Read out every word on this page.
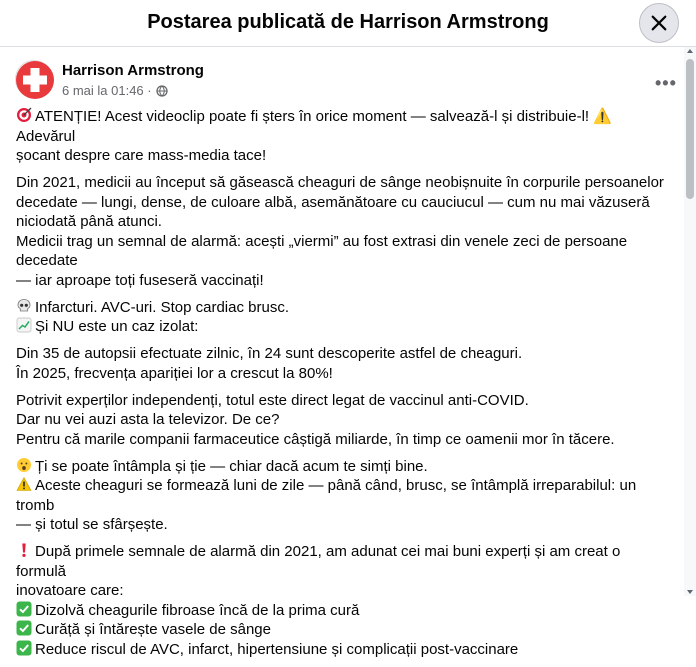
Postarea publicată de Harrison Armstrong
Harrison Armstrong
6 mai la 01:46 ·	•••

ATENȚIE! Acest videoclip poate fi șters în orice moment — salvează-l și distribuie-l! ⚠️ Adevărul
șocant despre care mass-media tace!

Din 2021, medicii au început să găsească cheaguri de sânge neobișnuite în corpurile persoanelor
decedate — lungi, dense, de culoare albă, asemănătoare cu cauciucul — cum nu mai văzuseră
niciodată până atunci.
Medicii trag un semnal de alarmă: acești „viermi” au fost extrasi din venele zeci de persoane decedate
— iar aproape toți fuseseră vaccinați!

Infarcturi. AVC-uri. Stop cardiac brusc.
Și NU este un caz izolat:

Din 35 de autopsii efectuate zilnic, în 24 sunt descoperite astfel de cheaguri.
În 2025, frecvența apariției lor a crescut la 80%!

Potrivit experților independenți, totul este direct legat de vaccinul anti-COVID.
Dar nu vei auzi asta la televizor. De ce?
Pentru că marile companii farmaceutice câștigă miliarde, în timp ce oamenii mor în tăcere.

Ți se poate întâmpla și ție — chiar dacă acum te simți bine.
Aceste cheaguri se formează luni de zile — până când, brusc, se întâmplă irreparabilul: un tromb
— și totul se sfârșește.

După primele semnale de alarmă din 2021, am adunat cei mai buni experți și am creat o formulă
inovatoare care:
Dizolvă cheagurile fibroase încă de la prima cură
Curăță și întărește vasele de sânge
Reduce riscul de AVC, infarct, hipertensiune și complicații post-vaccinare
